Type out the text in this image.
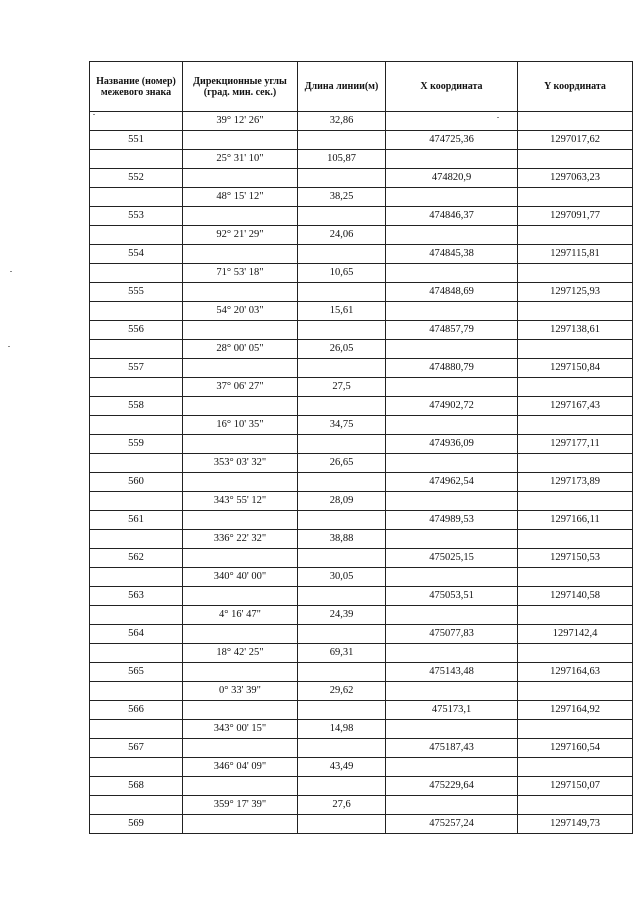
Название (номер) межевого знака	Дирекционные углы (град. мин. сек.)	Длина линии(м)	X координата	Y координата
	39° 12' 26"	32,86		
551			474725,36	1297017,62
	25° 31' 10"	105,87		
552			474820,9	1297063,23
	48° 15' 12"	38,25		
553			474846,37	1297091,77
	92° 21' 29"	24,06		
554			474845,38	1297115,81
	71° 53' 18"	10,65		
555			474848,69	1297125,93
	54° 20' 03"	15,61		
556			474857,79	1297138,61
	28° 00' 05"	26,05		
557			474880,79	1297150,84
	37° 06' 27"	27,5		
558			474902,72	1297167,43
	16° 10' 35"	34,75		
559			474936,09	1297177,11
	353° 03' 32"	26,65		
560			474962,54	1297173,89
	343° 55' 12"	28,09		
561			474989,53	1297166,11
	336° 22' 32"	38,88		
562			475025,15	1297150,53
	340° 40' 00"	30,05		
563			475053,51	1297140,58
	4° 16' 47"	24,39		
564			475077,83	1297142,4
	18° 42' 25"	69,31		
565			475143,48	1297164,63
	0° 33' 39"	29,62		
566			475173,1	1297164,92
	343° 00' 15"	14,98		
567			475187,43	1297160,54
	346° 04' 09"	43,49		
568			475229,64	1297150,07
	359° 17' 39"	27,6		
569			475257,24	1297149,73
